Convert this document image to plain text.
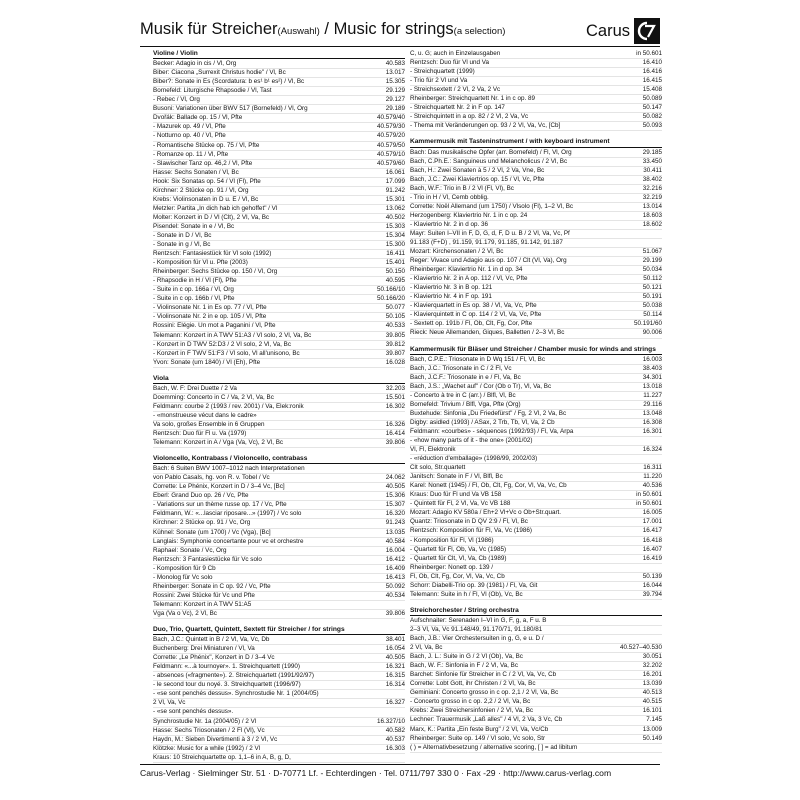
Musik für Streicher(Auswahl) / Music for strings(a selection)	Carus
Violine / Violin
Becker: Adagio in cis / Vl, Org	40.583
Biber: Ciacona „Surrexit Christus hodie" / Vl, Bc	13.017
Biber?: Sonate in Es (Scordatura: b es¹ b¹ es²) / Vl, Bc	15.305
Bornefeld: Liturgische Rhapsodie / Vl, Tast	29.129
- Rebec / Vl, Org	29.127
Busoni: Variationen über BWV 517 (Bornefeld) / Vl, Org	29.189
Dvořák: Ballade op. 15 / Vl, Pfte	40.579/40
- Mazurek op. 49 / Vl, Pfte	40.579/30
- Notturno op. 40 / Vl, Pfte	40.579/20
- Romantische Stücke op. 75 / Vl, Pfte	40.579/50
- Romanze op. 11 / Vl, Pfte	40.579/10
- Slawischer Tanz op. 46,2 / Vl, Pfte	40.579/60
Hasse: Sechs Sonaten / Vl, Bc	16.061
Hook: Six Sonatas op. 54 / Vl (Fl), Pfte	17.099
Kirchner: 2 Stücke op. 91 / Vl, Org	91.242
Krebs: Violinsonaten in D u. E / Vl, Bc	15.301
Metzler: Partita „In dich hab ich gehoffet" / Vl	13.062
Molter: Konzert in D / Vl (Clt), 2 Vl, Va, Bc	40.502
Pisendel: Sonate in e / Vl, Bc	15.303
- Sonate in D / Vl, Bc	15.304
- Sonate in g / Vl, Bc	15.300
Rentzsch: Fantasiestück für Vl solo (1992)	16.411
- Komposition für Vl u. Pfte (2003)	15.401
Rheinberger: Sechs Stücke op. 150 / Vl, Org	50.150
- Rhapsodie in H / Vl (Fl), Pfte	40.595
- Suite in c op. 166a / Vl, Org	50.166/10
- Suite in c op. 166b / Vl, Pfte	50.166/20
- Violinsonate Nr. 1 in Es op. 77 / Vl, Pfte	50.077
- Violinsonate Nr. 2 in e op. 105 / Vl, Pfte	50.105
Rossini: Elégie. Un mot a Paganini / Vl, Pfte	40.533
Telemann: Konzert in A TWV 51:A3 / Vl solo, 2 Vl, Va, Bc	39.805
- Konzert in D TWV 52:D3 / 2 Vl solo, 2 Vl, Va, Bc	39.812
- Konzert in F TWV 51:F3 / Vl solo, Vl all'unisono, Bc	39.807
Yvon: Sonate (um 1840) / Vl (Eh), Pfte	16.028
Viola
Bach, W. F: Drei Duette / 2 Va	32.203
Doemming: Concerto in C / Va, 2 Vl, Va, Bc	15.501
Feldmann: courbe 2 (1993 / rev. 2001) / Va, Elek:ronik	16.302
- «monstrueuse vécut dans le cadre»
Va solo, großes Ensemble in 6 Gruppen	16.326
Rentzsch: Duo für Fl u. Va (1979)	16.414
Telemann: Konzert in A / Vga (Va, Vc), 2 Vl, Bc	39.806
Violoncello, Kontrabass / Violoncello, contrabass
Bach: 6 Suiten BWV 1007–1012 nach Interpretationen
von Pablo Casals, hg. von R. v. Tobel / Vc	24.062
Corrette: Le Phénix, Konzert in D / 3–4 Vc, [Bc]	40.505
Eberl: Grand Duo op. 26 / Vc, Pfte	15.306
- Variations sur un thème russe op. 17 / Vc, Pfte	15.307
Feldmann, W.: «...lasciar riposare...» (1997) / Vc solo	16.320
Kirchner: 2 Stücke op. 91 / Vc, Org	91.243
Kühnel: Sonate (um 1700) / Vc (Vga), [Bc]	13.035
Langlais: Symphonie concertante pour vc et orchestre	40.584
Raphael: Sonate / Vc, Org	16.004
Rentzsch: 3 Fantasiestücke für Vc solo	16.412
- Komposition für 9 Cb	16.409
- Monolog für Vc solo	16.413
Rheinberger: Sonate in C op. 92 / Vc, Pfte	50.092
Rossini: Zwei Stücke für Vc und Pfte	40.534
Telemann: Konzert in A TWV 51:A5
Vga (Va o Vc), 2 Vl, Bc	39.806
Duo, Trio, Quartett, Quintett, Sextett für Streicher / for strings
Bach, J.C.: Quintett in B / 2 Vl, Va, Vc, Db	38.401
Buchenberg: Drei Miniaturen / Vl, Va	16.054
Corrette: „Le Phénix", Konzert in D / 3–4 Vc	40.505
Feldmann: «...à tournoyer». 1. Streichquartett (1990)	16.321
- absences («fragmente»). 2. Streichquartett (1991/92/97)	16.315
- le second tour du noyé. 3. Streichquartett (1996/97)	16.314
- «se sont penchés dessus». Synchrostudie Nr. 1 (2004/05)
2 Vl, Va, Vc	16.327
- «se sont penchés dessus».
Synchrostudie Nr. 1a (2004/05) / 2 Vl	16.327/10
Hasse: Sechs Triosonaten / 2 Fl (Vl), Vc	40.582
Haydn, M.: Sieben Divertimenti à 3 / 2 Vl, Vc	40.537
Klötzke: Music for a while (1992) / 2 Vl	16.303
Kraus: 10 Streichquartette op. 1,1–6 in A, B, g, D,
C, u. G; auch in Einzelausgaben	in 50.601
Rentzsch: Duo für Vl und Va	16.410
- Streichquartett (1999)	16.416
- Trio für 2 Vl und Va	16.415
- Streichsextett / 2 Vl, 2 Va, 2 Vc	15.408
Rheinberger: Streichquartett Nr. 1 in c op. 89	50.089
- Streichquartett Nr. 2 in F op. 147	50.147
- Streichquintett in a op. 82 / 2 Vl, 2 Va, Vc	50.082
- Thema mit Veränderungen op. 93 / 2 Vl, Va, Vc, [Cb]	50.093
Kammermusik mit Tasteninstrument / with keyboard instrument
Bach: Das musikalische Opfer (arr. Bornefeld) / Fl, Vl, Org	29.185
Bach, C.Ph.E.: Sanguineus und Melancholicus / 2 Vl, Bc	33.450
Bach, H.: Zwei Sonaten à 5 / 2 Vl, 2 Va, Vne, Bc	30.411
Bach, J.C.: Zwei Klaviertrios op. 15 / Vl, Vc, Pfte	38.402
Bach, W.F.: Trio in B / 2 Vl (Fl, Vl), Bc	32.216
- Trio in H / Vl, Cemb obblig.	32.219
Corrette: Noël Allemand (um 1750) / Vlsolo (Fl), 1–2 Vl, Bc	13.014
Herzogenberg: Klaviertrio Nr. 1 in c op. 24	18.603
- Klaviertrio Nr. 2 in d op. 36	18.602
Mayr: Suiten I–VII in F, D, G, d, F, D u. B / 2 Vl, Va, Vc, Pf
91.183 (F+D) , 91.159, 91.179, 91.185, 91.142, 91.187
Mozart: Kirchensonaten / 2 Vl, Bc	51.067
Reger: Vivace und Adagio aus op. 107 / Clt (Vl, Va), Org	29.199
Rheinberger: Klaviertrio Nr. 1 in d op. 34	50.034
- Klaviertrio Nr. 2 in A op. 112 / Vl, Vc, Pfte	50.112
- Klaviertrio Nr. 3 in B op. 121	50.121
- Klaviertrio Nr. 4 in F op. 191	50.191
- Klavierquartett in Es op. 38 / Vl, Va, Vc, Pfte	50.038
- Klavierquintett in C op. 114 / 2 Vl, Va, Vc, Pfte	50.114
- Sextett op. 191b / Fl, Ob, Clt, Fg, Cor, Pfte	50.191/60
Rieck: Neue Allemanden, Giques, Balletten / 2–3 Vl, Bc	90.006
Kammermusik für Bläser und Streicher / Chamber music for winds and strings
Bach, C.P.E.: Triosonate in D Wq 151 / Fl, Vl, Bc	16.003
Bach, J.C.: Triosonate in C / 2 Fl, Vc	38.403
Bach, J.C.F.: Triosonate in e / Fl, Va, Bc	34.301
Bach, J.S.: „Wachet auf" / Cor (Ob o Tr), Vl, Va, Bc	13.018
- Concerto à tre in C (arr.) / Blfl, Vl, Bc	11.227
Bornefeld: Trivium / Blfl, Vga, Pfte (Org)	29.116
Buxtehude: Sinfonia „Du Friedefürst" / Fg, 2 Vl, 2 Va, Bc	13.048
Digby: asidled (1993) / ASax, 2 Trb, Tb, Vl, Va, 2 Cb	16.308
Feldmann: «courbes» - séquences (1992/93) / Fl, Va, Arpa	16.301
- «how many parts of it - the one» (2001/02)
Vl, Fl, Elektronik	16.324
- «réduction d'emballage» (1998/99, 2002/03)
Clt solo, Str.quartett	16.311
Janitsch: Sonate in F / Vl, Blfl, Bc	11.220
Karel: Nonett (1945) / Fl, Ob, Clt, Fg, Cor, Vl, Va, Vc, Cb	40.536
Kraus: Duo für Fl und Va VB 158	in 50.601
- Quintett für Fl, 2 Vl, Va, Vc VB 188	in 50.601
Mozart: Adagio KV 580a / Eh+2 Vl+Vc o Ob+Str.quart.	16.005
Quantz: Triosonate in D QV 2:9 / Fl, Vl, Bc	17.001
Rentzsch: Komposition für Fl, Va, Vc (1986)	16.417
- Komposition für Fl, Vl (1986)	16.418
- Quartett für Fl, Ob, Va, Vc (1985)	16.407
- Quartett für Clt, Vl, Va, Cb (1989)	16.419
Rheinberger: Nonett op. 139 /
Fl, Ob, Clt, Fg, Cor, Vl, Va, Vc, Cb	50.139
Schorr: Diabelli-Trio op. 39 (1981) / Fl, Va, Git	16.044
Telemann: Suite in h / Fl, Vl (Ob), Vc, Bc	39.794
Streichorchester / String orchestra
Aufschnaiter: Serenaden I–VI in G, F, g, a, F u. B
2–3 Vl, Va, Vc 91.148/49, 91.170/71, 91.180/81
Bach, J.B.: Vier Orchestersuiten in g, G, e u. D /
2 Vl, Va, Bc	40.527–40.530
Bach, J. L.: Suite in G / 2 Vl (Ob), Va, Bc	30.051
Bach, W. F.: Sinfonia in F / 2 Vl, Va, Bc	32.202
Barchet: Sinfonie für Streicher in C / 2 Vl, Va, Vc, Cb	16.201
Corrette: Lobt Gott, ihr Christen / 2 Vl, Va, Bc	13.039
Geminiani: Concerto grosso in c op. 2,1 / 2 Vl, Va, Bc	40.513
- Concerto grosso in c op. 2,2 / 2 Vl, Va, Bc	40.515
Krebs: Zwei Streichersinfonien / 2 Vl, Va, Bc	16.101
Lechner: Trauermusik „Laß alles" / 4 Vl, 2 Va, 3 Vc, Cb	7.145
Marx, K.: Partita „Ein feste Burg" / 2 Vl, Va, Vc/Cb	13.009
Rheinberger: Suite op. 149 / Vl solo, Vc solo, Str	50.149
( ) = Alternativbesetzung / alternative scoring, [ ] = ad libitum
Carus-Verlag · Sielminger Str. 51 · D-70771 Lf. - Echterdingen · Tel. 0711/797 330 0 · Fax -29 · http://www.carus-verlag.com
